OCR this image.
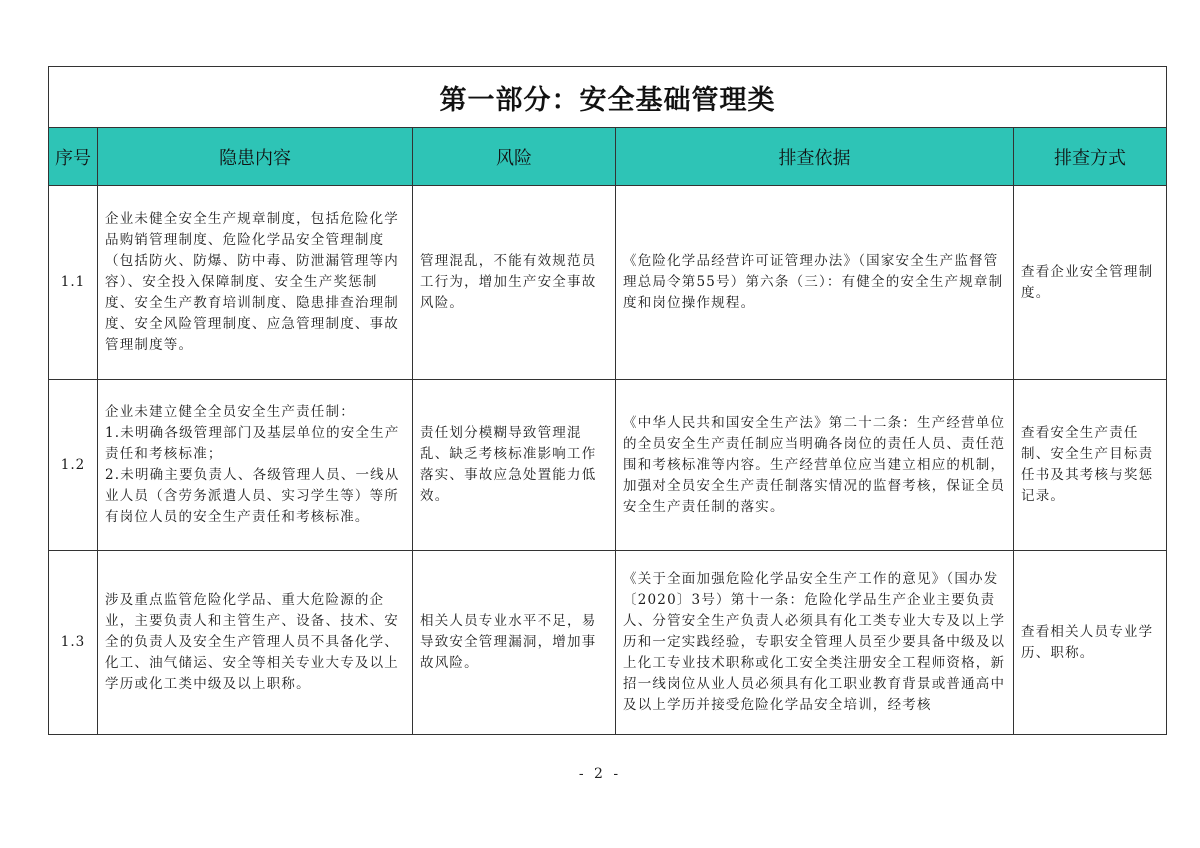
第一部分：安全基础管理类				
序号	隐患内容	风险	排查依据	排查方式
1.1	企业未健全安全生产规章制度，包括危险化学品购销管理制度、危险化学品安全管理制度（包括防火、防爆、防中毒、防泄漏管理等内容）、安全投入保障制度、安全生产奖惩制度、安全生产教育培训制度、隐患排查治理制度、安全风险管理制度、应急管理制度、事故管理制度等。	管理混乱，不能有效规范员工行为，增加生产安全事故风险。	《危险化学品经营许可证管理办法》（国家安全生产监督管理总局令第55号）第六条（三）：有健全的安全生产规章制度和岗位操作规程。	查看企业安全管理制度。

1.2	企业未建立健全全员安全生产责任制：
1.未明确各级管理部门及基层单位的安全生产责任和考核标准；
2.未明确主要负责人、各级管理人员、一线从业人员（含劳务派遣人员、实习学生等）等所有岗位人员的安全生产责任和考核标准。	责任划分模糊导致管理混乱、缺乏考核标准影响工作落实、事故应急处置能力低效。	《中华人民共和国安全生产法》第二十二条：生产经营单位的全员安全生产责任制应当明确各岗位的责任人员、责任范围和考核标准等内容。生产经营单位应当建立相应的机制，加强对全员安全生产责任制落实情况的监督考核，保证全员安全生产责任制的落实。	查看安全生产责任制、安全生产目标责任书及其考核与奖惩记录。

1.3	涉及重点监管危险化学品、重大危险源的企业，主要负责人和主管生产、设备、技术、安全的负责人及安全生产管理人员不具备化学、化工、油气储运、安全等相关专业大专及以上学历或化工类中级及以上职称。	相关人员专业水平不足，易导致安全管理漏洞，增加事故风险。	《关于全面加强危险化学品安全生产工作的意见》（国办发〔2020〕3号）第十一条：危险化学品生产企业主要负责人、分管安全生产负责人必须具有化工类专业大专及以上学历和一定实践经验，专职安全管理人员至少要具备中级及以上化工专业技术职称或化工安全类注册安全工程师资格，新招一线岗位从业人员必须具有化工职业教育背景或普通高中及以上学历并接受危险化学品安全培训，经考核	查看相关人员专业学历、职称。
- 2 -
